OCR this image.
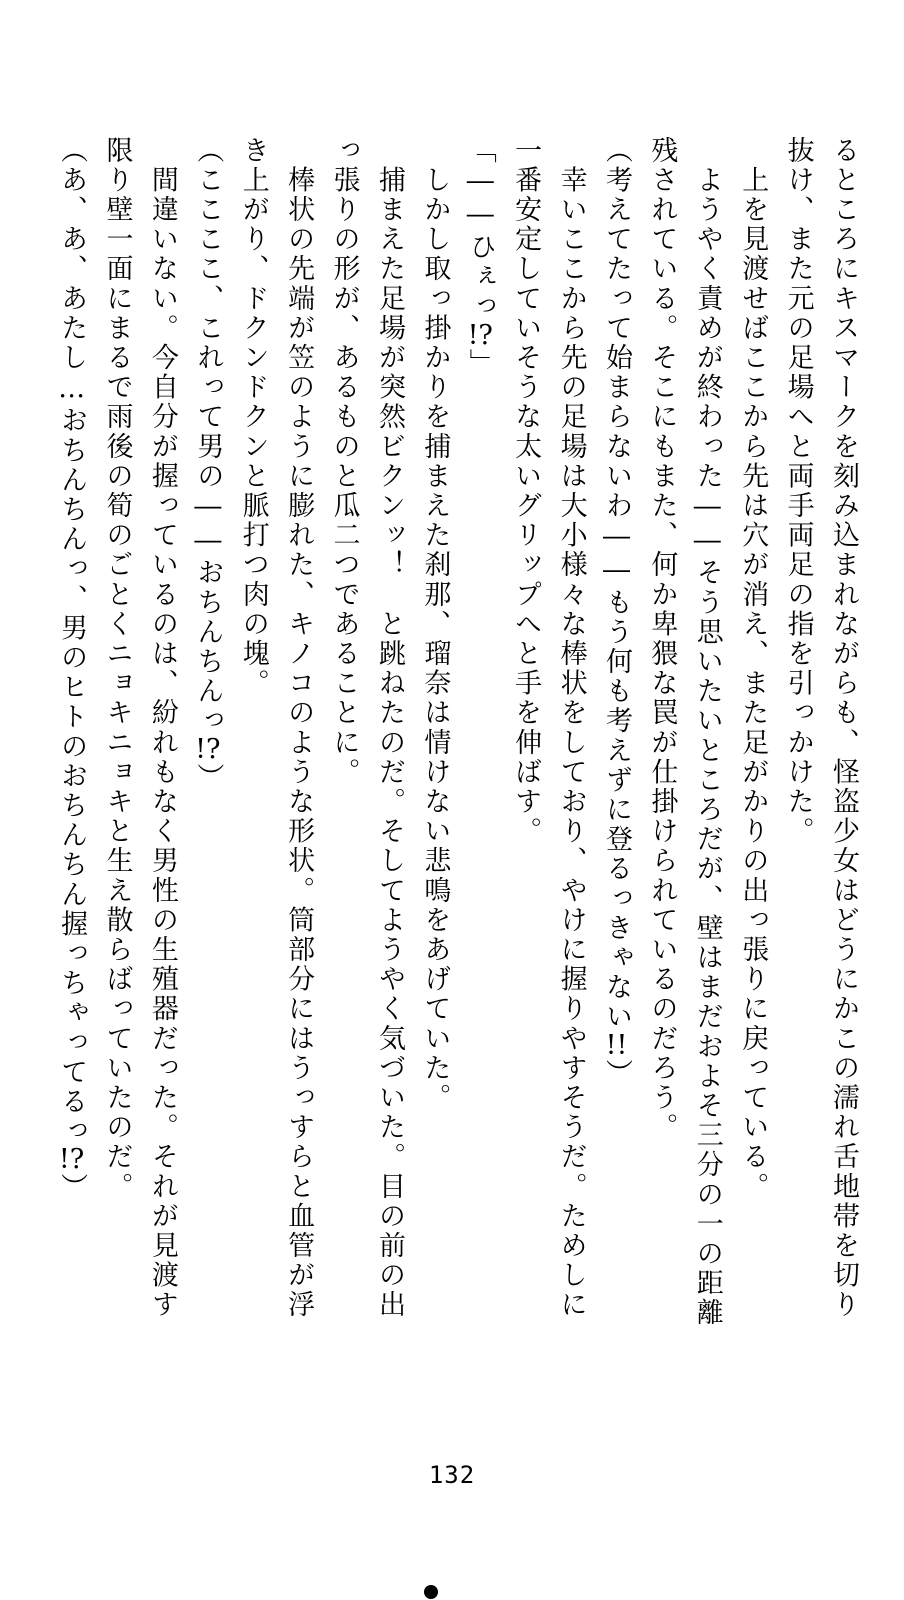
るところにキスマークを刻み込まれながらも、怪盗少女はどうにかこの濡れ舌地帯を切り
抜け、また元の足場へと両手両足の指を引っかけた。
　上を見渡せばここから先は穴が消え、また足がかりの出っ張りに戻っている。
　ようやく責めが終わった――そう思いたいところだが、壁はまだおよそ三分の一の距離
残されている。そこにもまた、何か卑猥な罠が仕掛けられているのだろう。
（考えてたって始まらないわ――もう何も考えずに登るっきゃない!!）
　幸いここから先の足場は大小様々な棒状をしており、やけに握りやすそうだ。ためしに
一番安定していそうな太いグリップへと手を伸ばす。
「――ひぇっ!?」
　しかし取っ掛かりを捕まえた刹那、瑠奈は情けない悲鳴をあげていた。
　捕まえた足場が突然ビクンッ！　と跳ねたのだ。そしてようやく気づいた。目の前の出
っ張りの形が、あるものと瓜二つであることに。
　棒状の先端が笠のように膨れた、キノコのような形状。筒部分にはうっすらと血管が浮
き上がり、ドクンドクンと脈打つ肉の塊。
（ここここ、これって男の――おちんちんっ!?）
　間違いない。今自分が握っているのは、紛れもなく男性の生殖器だった。それが見渡す
限り壁一面にまるで雨後の筍のごとくニョキニョキと生え散らばっていたのだ。
（あ、あ、あたし…おちんちんっ、男のヒトのおちんちん握っちゃってるっ!?）
132
